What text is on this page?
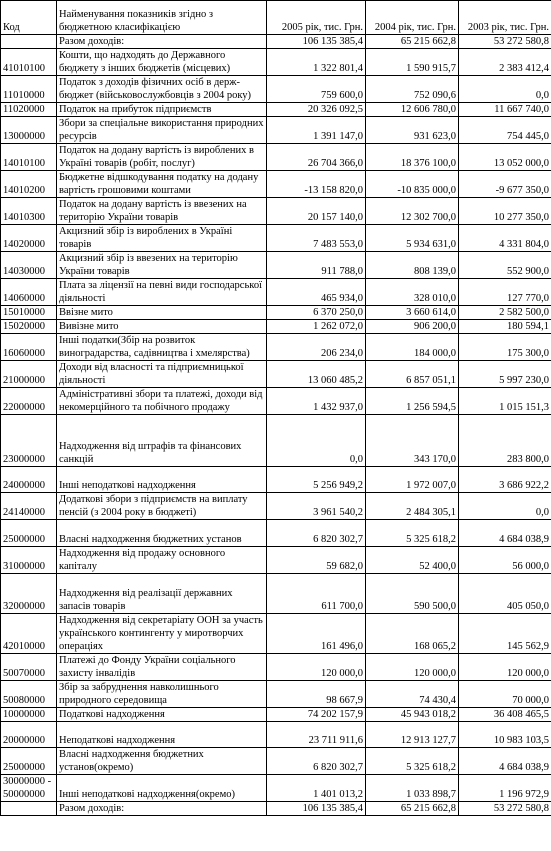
Код	Найменування показників згідно з бюджетною класифікацією	2005 рік, тис. Грн.	2004 рік, тис. Грн.	2003 рік, тис. Грн.
	Разом доходів:	106 135 385,4	65 215 662,8	53 272 580,8
41010100	Кошти, що надходять до Державного бюджету з інших бюджетів (місцевих)	1 322 801,4	1 590 915,7	2 383 412,4
11010000	Податок з доходів фізичних осіб в держ-бюджет (військовослужбовців з 2004 року)	759 600,0	752 090,6	0,0
11020000	Податок на прибуток підприємств	20 326 092,5	12 606 780,0	11 667 740,0
13000000	Збори за спеціальне використання природних ресурсів	1 391 147,0	931 623,0	754 445,0
14010100	Податок на додану вартість із вироблених в Україні товарів (робіт, послуг)	26 704 366,0	18 376 100,0	13 052 000,0
14010200	Бюджетне відшкодування податку на додану вартість грошовими коштами	-13 158 820,0	-10 835 000,0	-9 677 350,0
14010300	Податок на додану вартість із ввезених на територію України товарів	20 157 140,0	12 302 700,0	10 277 350,0
14020000	Акцизний збір із вироблених в Україні товарів	7 483 553,0	5 934 631,0	4 331 804,0
14030000	Акцизний збір із ввезених на територію України товарів	911 788,0	808 139,0	552 900,0
14060000	Плата за ліцензії на певні види господарської діяльності	465 934,0	328 010,0	127 770,0
15010000	Ввізне мито	6 370 250,0	3 660 614,0	2 582 500,0
15020000	Вивізне мито	1 262 072,0	906 200,0	180 594,1
16060000	Інші податки(Збір на розвиток виноградарства, садівництва і хмелярства)	206 234,0	184 000,0	175 300,0
21000000	Доходи від власності та підприємницької діяльності	13 060 485,2	6 857 051,1	5 997 230,0
22000000	Адміністративні збори та платежі, доходи від некомерційного та побічного продажу	1 432 937,0	1 256 594,5	1 015 151,3
23000000	Надходження від штрафів та фінансових санкцій	0,0	343 170,0	283 800,0
24000000	Інші неподаткові надходження	5 256 949,2	1 972 007,0	3 686 922,2
24140000	Додаткові збори з підприємств на виплату пенсій (з 2004 року в бюджеті)	3 961 540,2	2 484 305,1	0,0
25000000	Власні надходження бюджетних установ	6 820 302,7	5 325 618,2	4 684 038,9
31000000	Надходження від продажу основного капіталу	59 682,0	52 400,0	56 000,0
32000000	Надходження від реалізації державних запасів товарів	611 700,0	590 500,0	405 050,0
42010000	Надходження від секретаріату ООН за участь українського контингенту у миротворчих операціях	161 496,0	168 065,2	145 562,9
50070000	Платежі до Фонду України соціального захисту інвалідів	120 000,0	120 000,0	120 000,0
50080000	Збір за забруднення навколишнього природного середовища	98 667,9	74 430,4	70 000,0
10000000	Податкові надходження	74 202 157,9	45 943 018,2	36 408 465,5
20000000	Неподаткові надходження	23 711 911,6	12 913 127,7	10 983 103,5
25000000	Власні надходження бюджетних установ(окремо)	6 820 302,7	5 325 618,2	4 684 038,9
30000000 - 50000000	Інші неподаткові надходження(окремо)	1 401 013,2	1 033 898,7	1 196 972,9
	Разом доходів:	106 135 385,4	65 215 662,8	53 272 580,8
